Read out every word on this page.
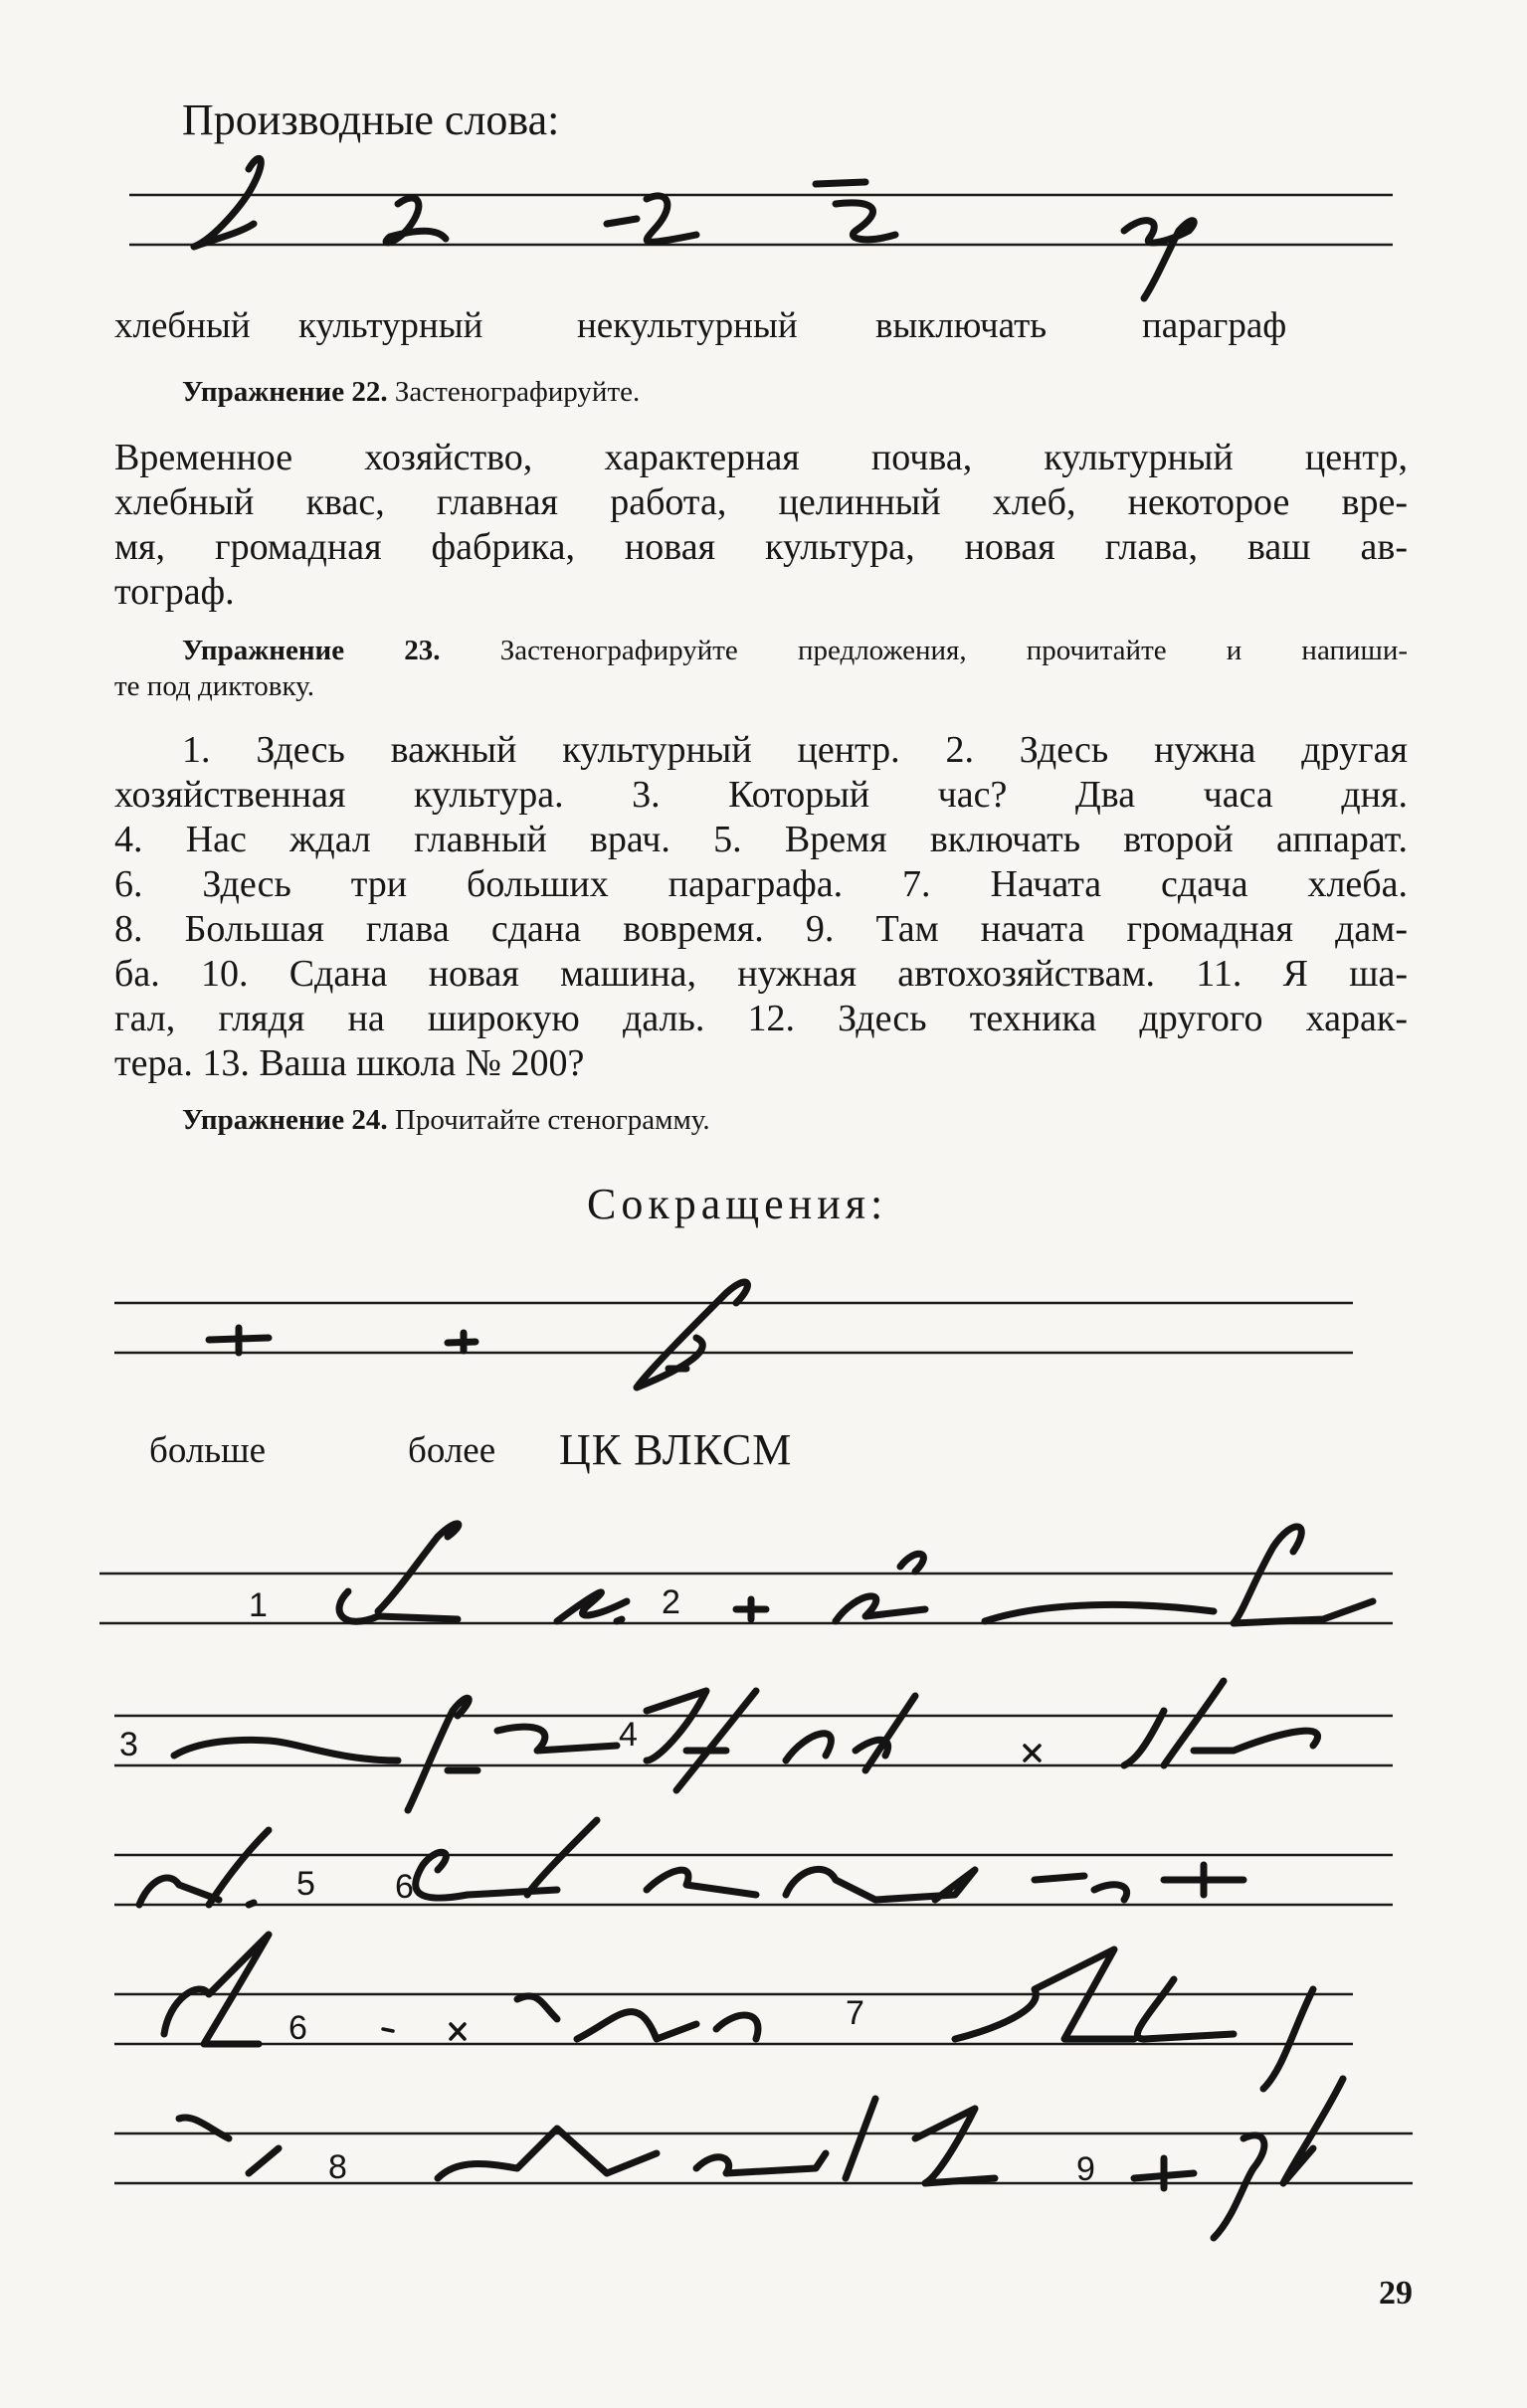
Производные слова:
хлебный культурный	некультурный выключать	параграф
Упражнение 22. Застенографируйте.
Временное хозяйство, характерная почва, культурный центр,
хлебный квас, главная работа, целинный хлеб, некоторое вре-
мя, громадная фабрика, новая культура, новая глава, ваш ав-
тограф.
Упражнение 23. Застенографируйте предложения, прочитайте и напиши-
те под диктовку.
1. Здесь важный культурный центр. 2. Здесь нужна другая
хозяйственная культура. 3. Который час? Два часа дня.
4. Нас ждал главный врач. 5. Время включать второй аппарат.
6. Здесь три больших параграфа. 7. Начата сдача хлеба.
8. Большая глава сдана вовремя. 9. Там начата громадная дам-
ба. 10. Сдана новая машина, нужная автохозяйствам. 11. Я ша-
гал, глядя на широкую даль. 12. Здесь техника другого харак-
тера. 13. Ваша школа № 200?
Упражнение 24. Прочитайте стенограмму.
Сокращения:
больше	более ЦК ВЛКСМ
1	2
3	4
5 6
6	7
8	9
29
